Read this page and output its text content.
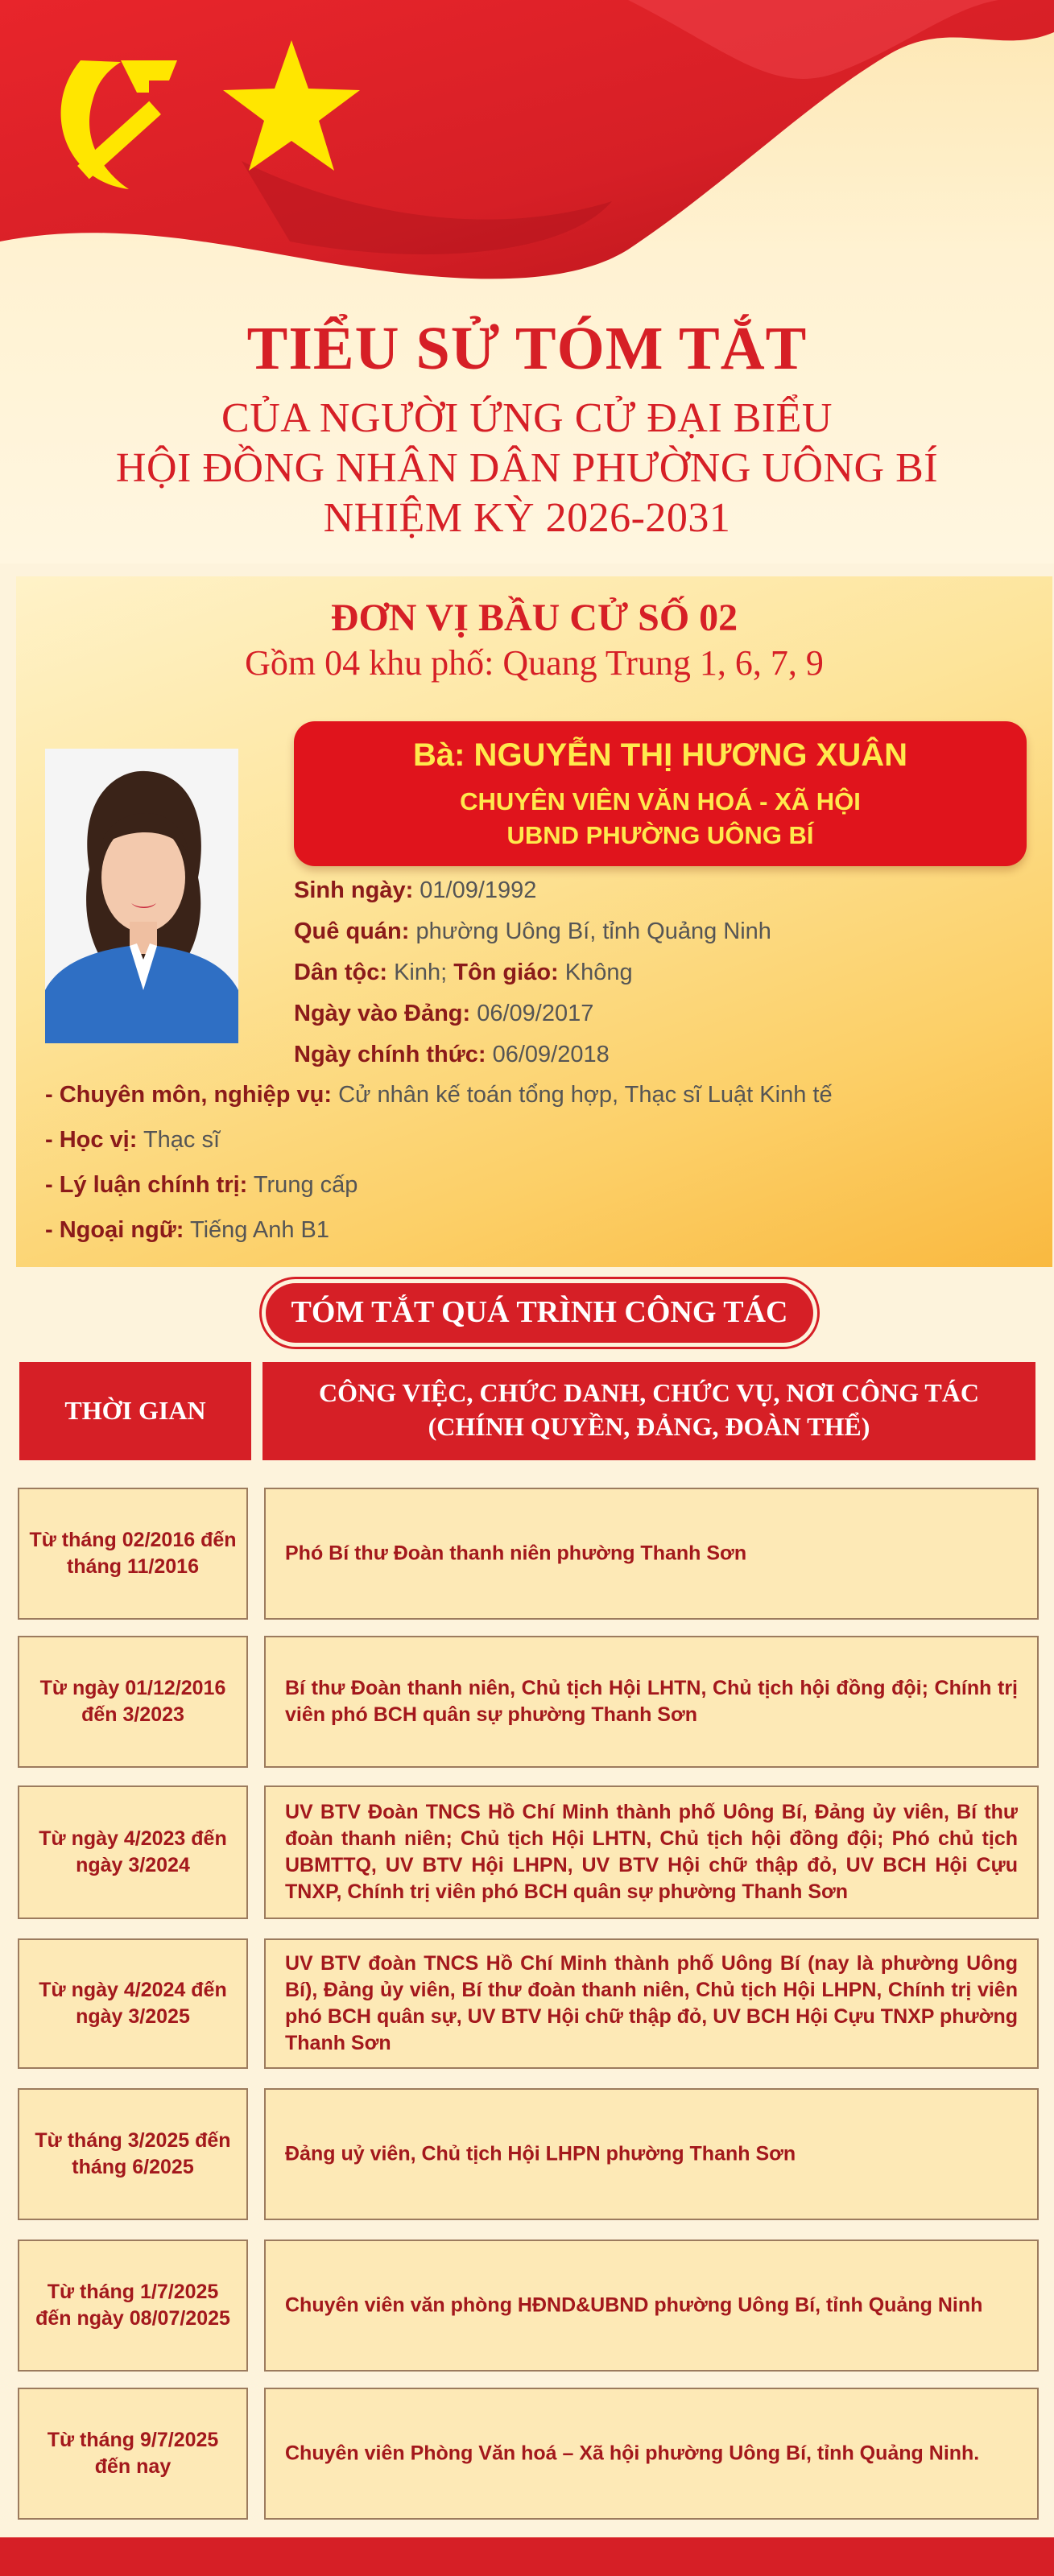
TIỂU SỬ TÓM TẮT
CỦA NGƯỜI ỨNG CỬ ĐẠI BIỂU
HỘI ĐỒNG NHÂN DÂN PHƯỜNG UÔNG BÍ
NHIỆM KỲ 2026-2031
ĐƠN VỊ BẦU CỬ SỐ 02
Gồm 04 khu phố: Quang Trung 1, 6, 7, 9
Bà: NGUYỄN THỊ HƯƠNG XUÂN
CHUYÊN VIÊN VĂN HOÁ - XÃ HỘI
UBND PHƯỜNG UÔNG BÍ
Sinh ngày: 01/09/1992
Quê quán: phường Uông Bí, tỉnh Quảng Ninh
Dân tộc: Kinh; Tôn giáo: Không
Ngày vào Đảng: 06/09/2017
Ngày chính thức: 06/09/2018
- Chuyên môn, nghiệp vụ: Cử nhân kế toán tổng hợp, Thạc sĩ Luật Kinh tế
- Học vị: Thạc sĩ
- Lý luận chính trị: Trung cấp
- Ngoại ngữ: Tiếng Anh B1
TÓM TẮT QUÁ TRÌNH CÔNG TÁC
THỜI GIAN
CÔNG VIỆC, CHỨC DANH, CHỨC VỤ, NƠI CÔNG TÁC
(CHÍNH QUYỀN, ĐẢNG, ĐOÀN THỂ)
Từ tháng 02/2016 đến tháng 11/2016
Phó Bí thư Đoàn thanh niên phường Thanh Sơn
Từ ngày 01/12/2016 đến 3/2023
Bí thư Đoàn thanh niên, Chủ tịch Hội LHTN, Chủ tịch hội đồng đội; Chính trị viên phó BCH quân sự phường Thanh Sơn
Từ ngày 4/2023 đến ngày 3/2024
UV BTV Đoàn TNCS Hồ Chí Minh thành phố Uông Bí, Đảng ủy viên, Bí thư đoàn thanh niên; Chủ tịch Hội LHTN, Chủ tịch hội đồng đội; Phó chủ tịch UBMTTQ, UV BTV Hội LHPN, UV BTV Hội chữ thập đỏ, UV BCH Hội Cựu TNXP, Chính trị viên phó BCH quân sự phường Thanh Sơn
Từ ngày 4/2024 đến ngày 3/2025
UV BTV đoàn TNCS Hồ Chí Minh thành phố Uông Bí (nay là phường Uông Bí), Đảng ủy viên, Bí thư đoàn thanh niên, Chủ tịch Hội LHPN, Chính trị viên phó BCH quân sự, UV BTV Hội chữ thập đỏ, UV BCH Hội Cựu TNXP phường Thanh Sơn
Từ tháng 3/2025 đến tháng 6/2025
Đảng uỷ viên, Chủ tịch Hội LHPN phường Thanh Sơn
Từ tháng 1/7/2025 đến ngày 08/07/2025
Chuyên viên văn phòng HĐND&UBND phường Uông Bí, tỉnh Quảng Ninh
Từ tháng 9/7/2025 đến nay
Chuyên viên Phòng Văn hoá – Xã hội phường Uông Bí, tỉnh Quảng Ninh.
